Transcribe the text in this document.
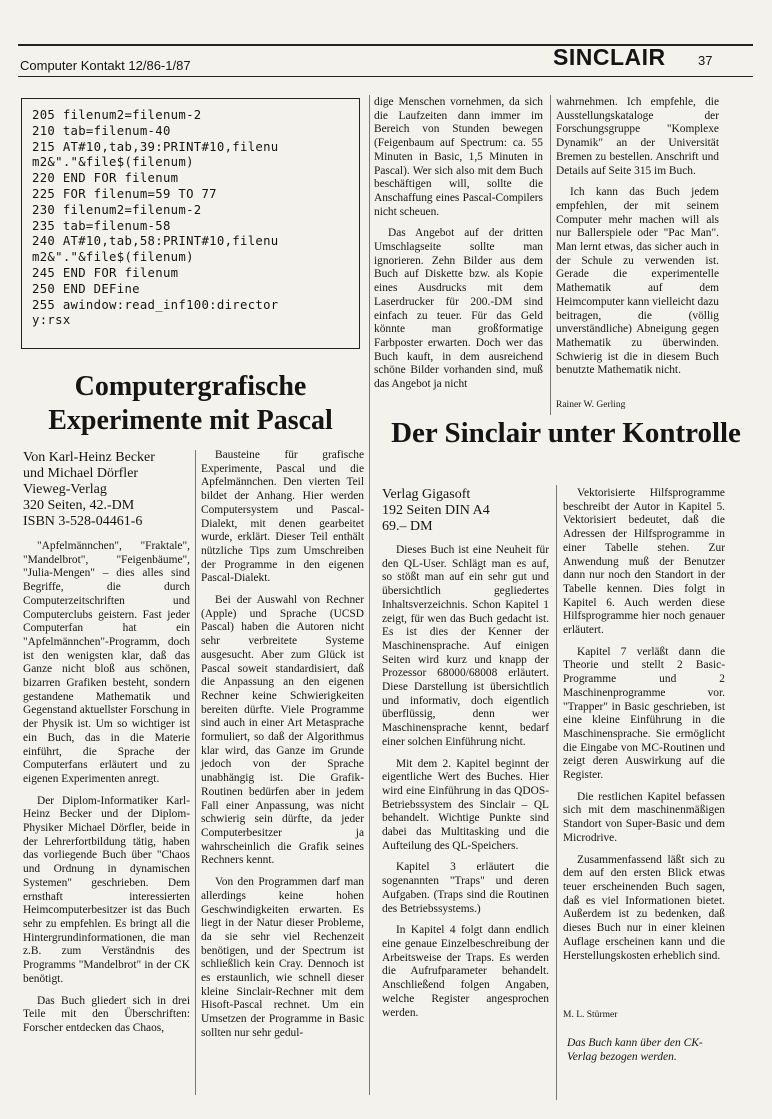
Computer Kontakt 12/86-1/87	SINCLAIR 37
205 filenum2=filenum-2
210 tab=filenum-40
215 AT#10,tab,39:PRINT#10,filenu
m2&"."&file$(filenum)
220 END FOR filenum
225 FOR filenum=59 TO 77
230 filenum2=filenum-2
235 tab=filenum-58
240 AT#10,tab,58:PRINT#10,filenu
m2&"."&file$(filenum)
245 END FOR filenum
250 END DEFine
255 awindow:read_inf100:director
y:rsx
Computergrafische Experimente mit Pascal
Von Karl-Heinz Becker
und Michael Dörfler
Vieweg-Verlag
320 Seiten, 42.-DM
ISBN 3-528-04461-6

"Apfelmännchen", "Fraktale", "Mandelbrot", "Feigenbäume", "Julia-Mengen" – dies alles sind Begriffe, die durch Computerzeitschriften und Computerclubs geistern. Fast jeder Computerfan hat ein "Apfelmännchen"-Programm, doch ist den wenigsten klar, daß das Ganze nicht bloß aus schönen, bizarren Grafiken besteht, sondern gestandene Mathematik und Gegenstand aktuellster Forschung in der Physik ist. Um so wichtiger ist ein Buch, das in die Materie einführt, die Sprache der Computerfans erläutert und zu eigenen Experimenten anregt.

Der Diplom-Informatiker Karl-Heinz Becker und der Diplom-Physiker Michael Dörfler, beide in der Lehrerfortbildung tätig, haben das vorliegende Buch über "Chaos und Ordnung in dynamischen Systemen" geschrieben. Dem ernsthaft interessierten Heimcomputerbesitzer ist das Buch sehr zu empfehlen. Es bringt all die Hintergrundinformationen, die man z.B. zum Verständnis des Programms "Mandelbrot" in der CK benötigt.

Das Buch gliedert sich in drei Teile mit den Überschriften: Forscher entdecken das Chaos,

Bausteine für grafische Experimente, Pascal und die Apfelmännchen. Den vierten Teil bildet der Anhang. Hier werden Computersystem und Pascal-Dialekt, mit denen gearbeitet wurde, erklärt. Dieser Teil enthält nützliche Tips zum Umschreiben der Programme in den eigenen Pascal-Dialekt.

Bei der Auswahl von Rechner (Apple) und Sprache (UCSD Pascal) haben die Autoren nicht sehr verbreitete Systeme ausgesucht. Aber zum Glück ist Pascal soweit standardisiert, daß die Anpassung an den eigenen Rechner keine Schwierigkeiten bereiten dürfte. Viele Programme sind auch in einer Art Metasprache formuliert, so daß der Algorithmus klar wird, das Ganze im Grunde jedoch von der Sprache unabhängig ist. Die Grafik-Routinen bedürfen aber in jedem Fall einer Anpassung, was nicht schwierig sein dürfte, da jeder Computerbesitzer ja wahrscheinlich die Grafik seines Rechners kennt.

Von den Programmen darf man allerdings keine hohen Geschwindigkeiten erwarten. Es liegt in der Natur dieser Probleme, da sie sehr viel Rechenzeit benötigen, und der Spectrum ist schließlich kein Cray. Dennoch ist es erstaunlich, wie schnell dieser kleine Sinclair-Rechner mit dem Hisoft-Pascal rechnet. Um ein Umsetzen der Programme in Basic sollten nur sehr gedul-

dige Menschen vornehmen, da sich die Laufzeiten dann immer im Bereich von Stunden bewegen (Feigenbaum auf Spectrum: ca. 55 Minuten in Basic, 1,5 Minuten in Pascal). Wer sich also mit dem Buch beschäftigen will, sollte die Anschaffung eines Pascal-Compilers nicht scheuen.

Das Angebot auf der dritten Umschlagseite sollte man ignorieren. Zehn Bilder aus dem Buch auf Diskette bzw. als Kopie eines Ausdrucks mit dem Laserdrucker für 200.-DM sind einfach zu teuer. Für das Geld könnte man großformatige Farbposter erwarten. Doch wer das Buch kauft, in dem ausreichend schöne Bilder vorhanden sind, muß das Angebot ja nicht

wahrnehmen. Ich empfehle, die Ausstellungskataloge der Forschungsgruppe "Komplexe Dynamik" an der Universität Bremen zu bestellen. Anschrift und Details auf Seite 315 im Buch.

Ich kann das Buch jedem empfehlen, der mit seinem Computer mehr machen will als nur Ballerspiele oder "Pac Man". Man lernt etwas, das sicher auch in der Schule zu verwenden ist. Gerade die experimentelle Mathematik auf dem Heimcomputer kann vielleicht dazu beitragen, die (völlig unverständliche) Abneigung gegen Mathematik zu überwinden. Schwierig ist die in diesem Buch benutzte Mathematik nicht.

Rainer W. Gerling
Der Sinclair unter Kontrolle
Verlag Gigasoft
192 Seiten DIN A4
69.– DM

Dieses Buch ist eine Neuheit für den QL-User. Schlägt man es auf, so stößt man auf ein sehr gut und übersichtlich gegliedertes Inhaltsverzeichnis. Schon Kapitel 1 zeigt, für wen das Buch gedacht ist. Es ist dies der Kenner der Maschinensprache. Auf einigen Seiten wird kurz und knapp der Prozessor 68000/68008 erläutert. Diese Darstellung ist übersichtlich und informativ, doch eigentlich überflüssig, denn wer Maschinensprache kennt, bedarf einer solchen Einführung nicht.

Mit dem 2. Kapitel beginnt der eigentliche Wert des Buches. Hier wird eine Einführung in das QDOS-Betriebssystem des Sinclair – QL behandelt. Wichtige Punkte sind dabei das Multitasking und die Aufteilung des QL-Speichers.

Kapitel 3 erläutert die sogenannten "Traps" und deren Aufgaben. (Traps sind die Routinen des Betriebssystems.)

In Kapitel 4 folgt dann endlich eine genaue Einzelbeschreibung der Arbeitsweise der Traps. Es werden die Aufrufparameter behandelt. Anschließend folgen Angaben, welche Register angesprochen werden.

Vektorisierte Hilfsprogramme beschreibt der Autor in Kapitel 5. Vektorisiert bedeutet, daß die Adressen der Hilfsprogramme in einer Tabelle stehen. Zur Anwendung muß der Benutzer dann nur noch den Standort in der Tabelle kennen. Dies folgt in Kapitel 6. Auch werden diese Hilfsprogramme hier noch genauer erläutert.

Kapitel 7 verläßt dann die Theorie und stellt 2 Basic-Programme und 2 Maschinenprogramme vor. "Trapper" in Basic geschrieben, ist eine kleine Einführung in die Maschinensprache. Sie ermöglicht die Eingabe von MC-Routinen und zeigt deren Auswirkung auf die Register.

Die restlichen Kapitel befassen sich mit dem maschinenmäßigen Standort von Super-Basic und dem Microdrive.

Zusammenfassend läßt sich zu dem auf den ersten Blick etwas teuer erscheinenden Buch sagen, daß es viel Informationen bietet. Außerdem ist zu bedenken, daß dieses Buch nur in einer kleinen Auflage erscheinen kann und die Herstellungskosten erheblich sind.

M. L. Stürmer
Das Buch kann über den CK-Verlag bezogen werden.
